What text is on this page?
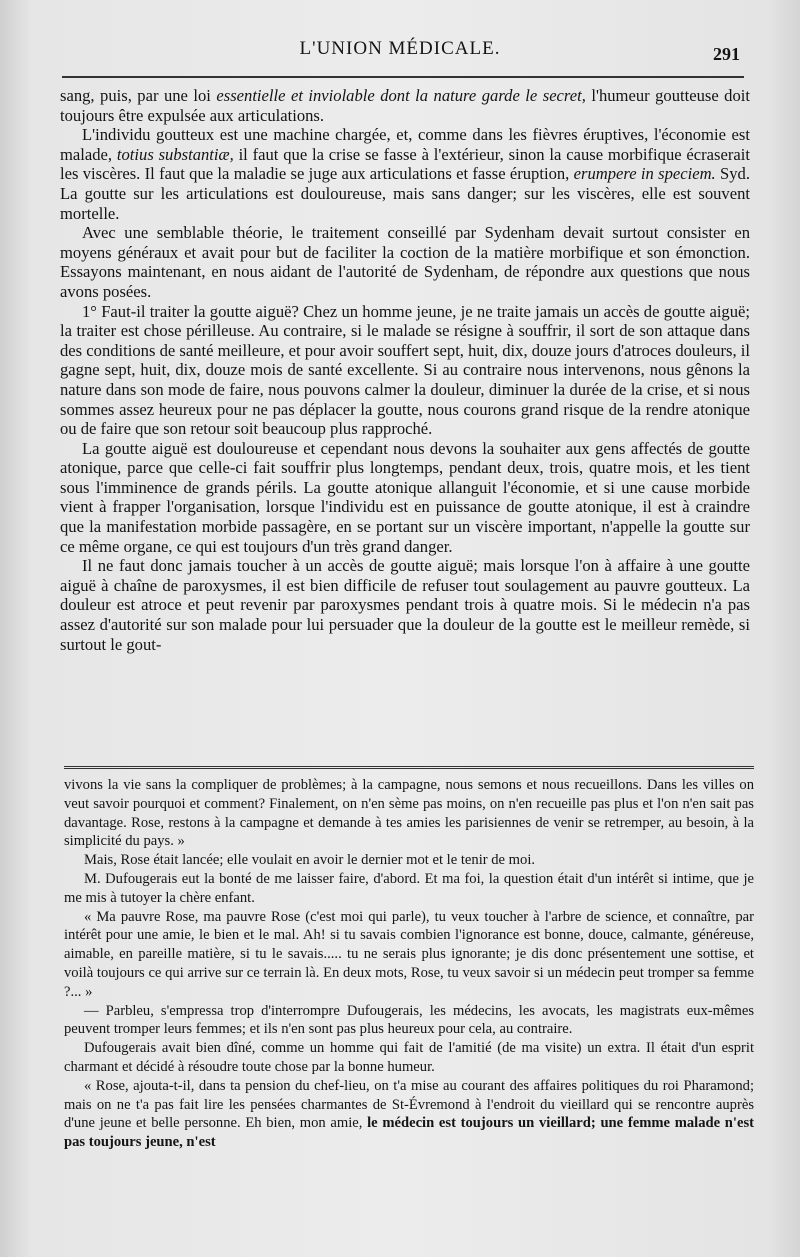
L'UNION MÉDICALE.	291

sang, puis, par une loi essentielle et inviolable dont la nature garde le secret, l'humeur goutteuse doit toujours être expulsée aux articulations.

L'individu goutteux est une machine chargée, et, comme dans les fièvres éruptives, l'économie est malade, totius substantiæ, il faut que la crise se fasse à l'extérieur, sinon la cause morbifique écraserait les viscères. Il faut que la maladie se juge aux articulations et fasse éruption, erumpere in speciem. Syd. La goutte sur les articulations est douloureuse, mais sans danger; sur les viscères, elle est souvent mortelle.

Avec une semblable théorie, le traitement conseillé par Sydenham devait surtout consister en moyens généraux et avait pour but de faciliter la coction de la matière morbifique et son émonction. Essayons maintenant, en nous aidant de l'autorité de Sydenham, de répondre aux questions que nous avons posées.

1° Faut-il traiter la goutte aiguë? Chez un homme jeune, je ne traite jamais un accès de goutte aiguë; la traiter est chose périlleuse. Au contraire, si le malade se résigne à souffrir, il sort de son attaque dans des conditions de santé meilleure, et pour avoir souffert sept, huit, dix, douze jours d'atroces douleurs, il gagne sept, huit, dix, douze mois de santé excellente. Si au contraire nous intervenons, nous gênons la nature dans son mode de faire, nous pouvons calmer la douleur, diminuer la durée de la crise, et si nous sommes assez heureux pour ne pas déplacer la goutte, nous courons grand risque de la rendre atonique ou de faire que son retour soit beaucoup plus rapproché.

La goutte aiguë est douloureuse et cependant nous devons la souhaiter aux gens affectés de goutte atonique, parce que celle-ci fait souffrir plus longtemps, pendant deux, trois, quatre mois, et les tient sous l'imminence de grands périls. La goutte atonique allanguit l'économie, et si une cause morbide vient à frapper l'organisation, lorsque l'individu est en puissance de goutte atonique, il est à craindre que la manifestation morbide passagère, en se portant sur un viscère important, n'appelle la goutte sur ce même organe, ce qui est toujours d'un très grand danger.

Il ne faut donc jamais toucher à un accès de goutte aiguë; mais lorsque l'on à affaire à une goutte aiguë à chaîne de paroxysmes, il est bien difficile de refuser tout soulagement au pauvre goutteux. La douleur est atroce et peut revenir par paroxysmes pendant trois à quatre mois. Si le médecin n'a pas assez d'autorité sur son malade pour lui persuader que la douleur de la goutte est le meilleur remède, si surtout le gout-

vivons la vie sans la compliquer de problèmes; à la campagne, nous semons et nous recueillons. Dans les villes on veut savoir pourquoi et comment? Finalement, on n'en sème pas moins, on n'en recueille pas plus et l'on n'en sait pas davantage. Rose, restons à la campagne et demande à tes amies les parisiennes de venir se retremper, au besoin, à la simplicité du pays. »

Mais, Rose était lancée; elle voulait en avoir le dernier mot et le tenir de moi.

M. Dufougerais eut la bonté de me laisser faire, d'abord. Et ma foi, la question était d'un intérêt si intime, que je me mis à tutoyer la chère enfant.

« Ma pauvre Rose, ma pauvre Rose (c'est moi qui parle), tu veux toucher à l'arbre de science, et connaître, par intérêt pour une amie, le bien et le mal. Ah! si tu savais combien l'ignorance est bonne, douce, calmante, généreuse, aimable, en pareille matière, si tu le savais..... tu ne serais plus ignorante; je dis donc présentement une sottise, et voilà toujours ce qui arrive sur ce terrain là. En deux mots, Rose, tu veux savoir si un médecin peut tromper sa femme ?... »

— Parbleu, s'empressa trop d'interrompre Dufougerais, les médecins, les avocats, les magistrats eux-mêmes peuvent tromper leurs femmes; et ils n'en sont pas plus heureux pour cela, au contraire.

Dufougerais avait bien dîné, comme un homme qui fait de l'amitié (de ma visite) un extra. Il était d'un esprit charmant et décidé à résoudre toute chose par la bonne humeur.

« Rose, ajouta-t-il, dans ta pension du chef-lieu, on t'a mise au courant des affaires politiques du roi Pharamond; mais on ne t'a pas fait lire les pensées charmantes de St-Évremond à l'endroit du vieillard qui se rencontre auprès d'une jeune et belle personne. Eh bien, mon amie, le médecin est toujours un vieillard; une femme malade n'est pas toujours jeune, n'est
